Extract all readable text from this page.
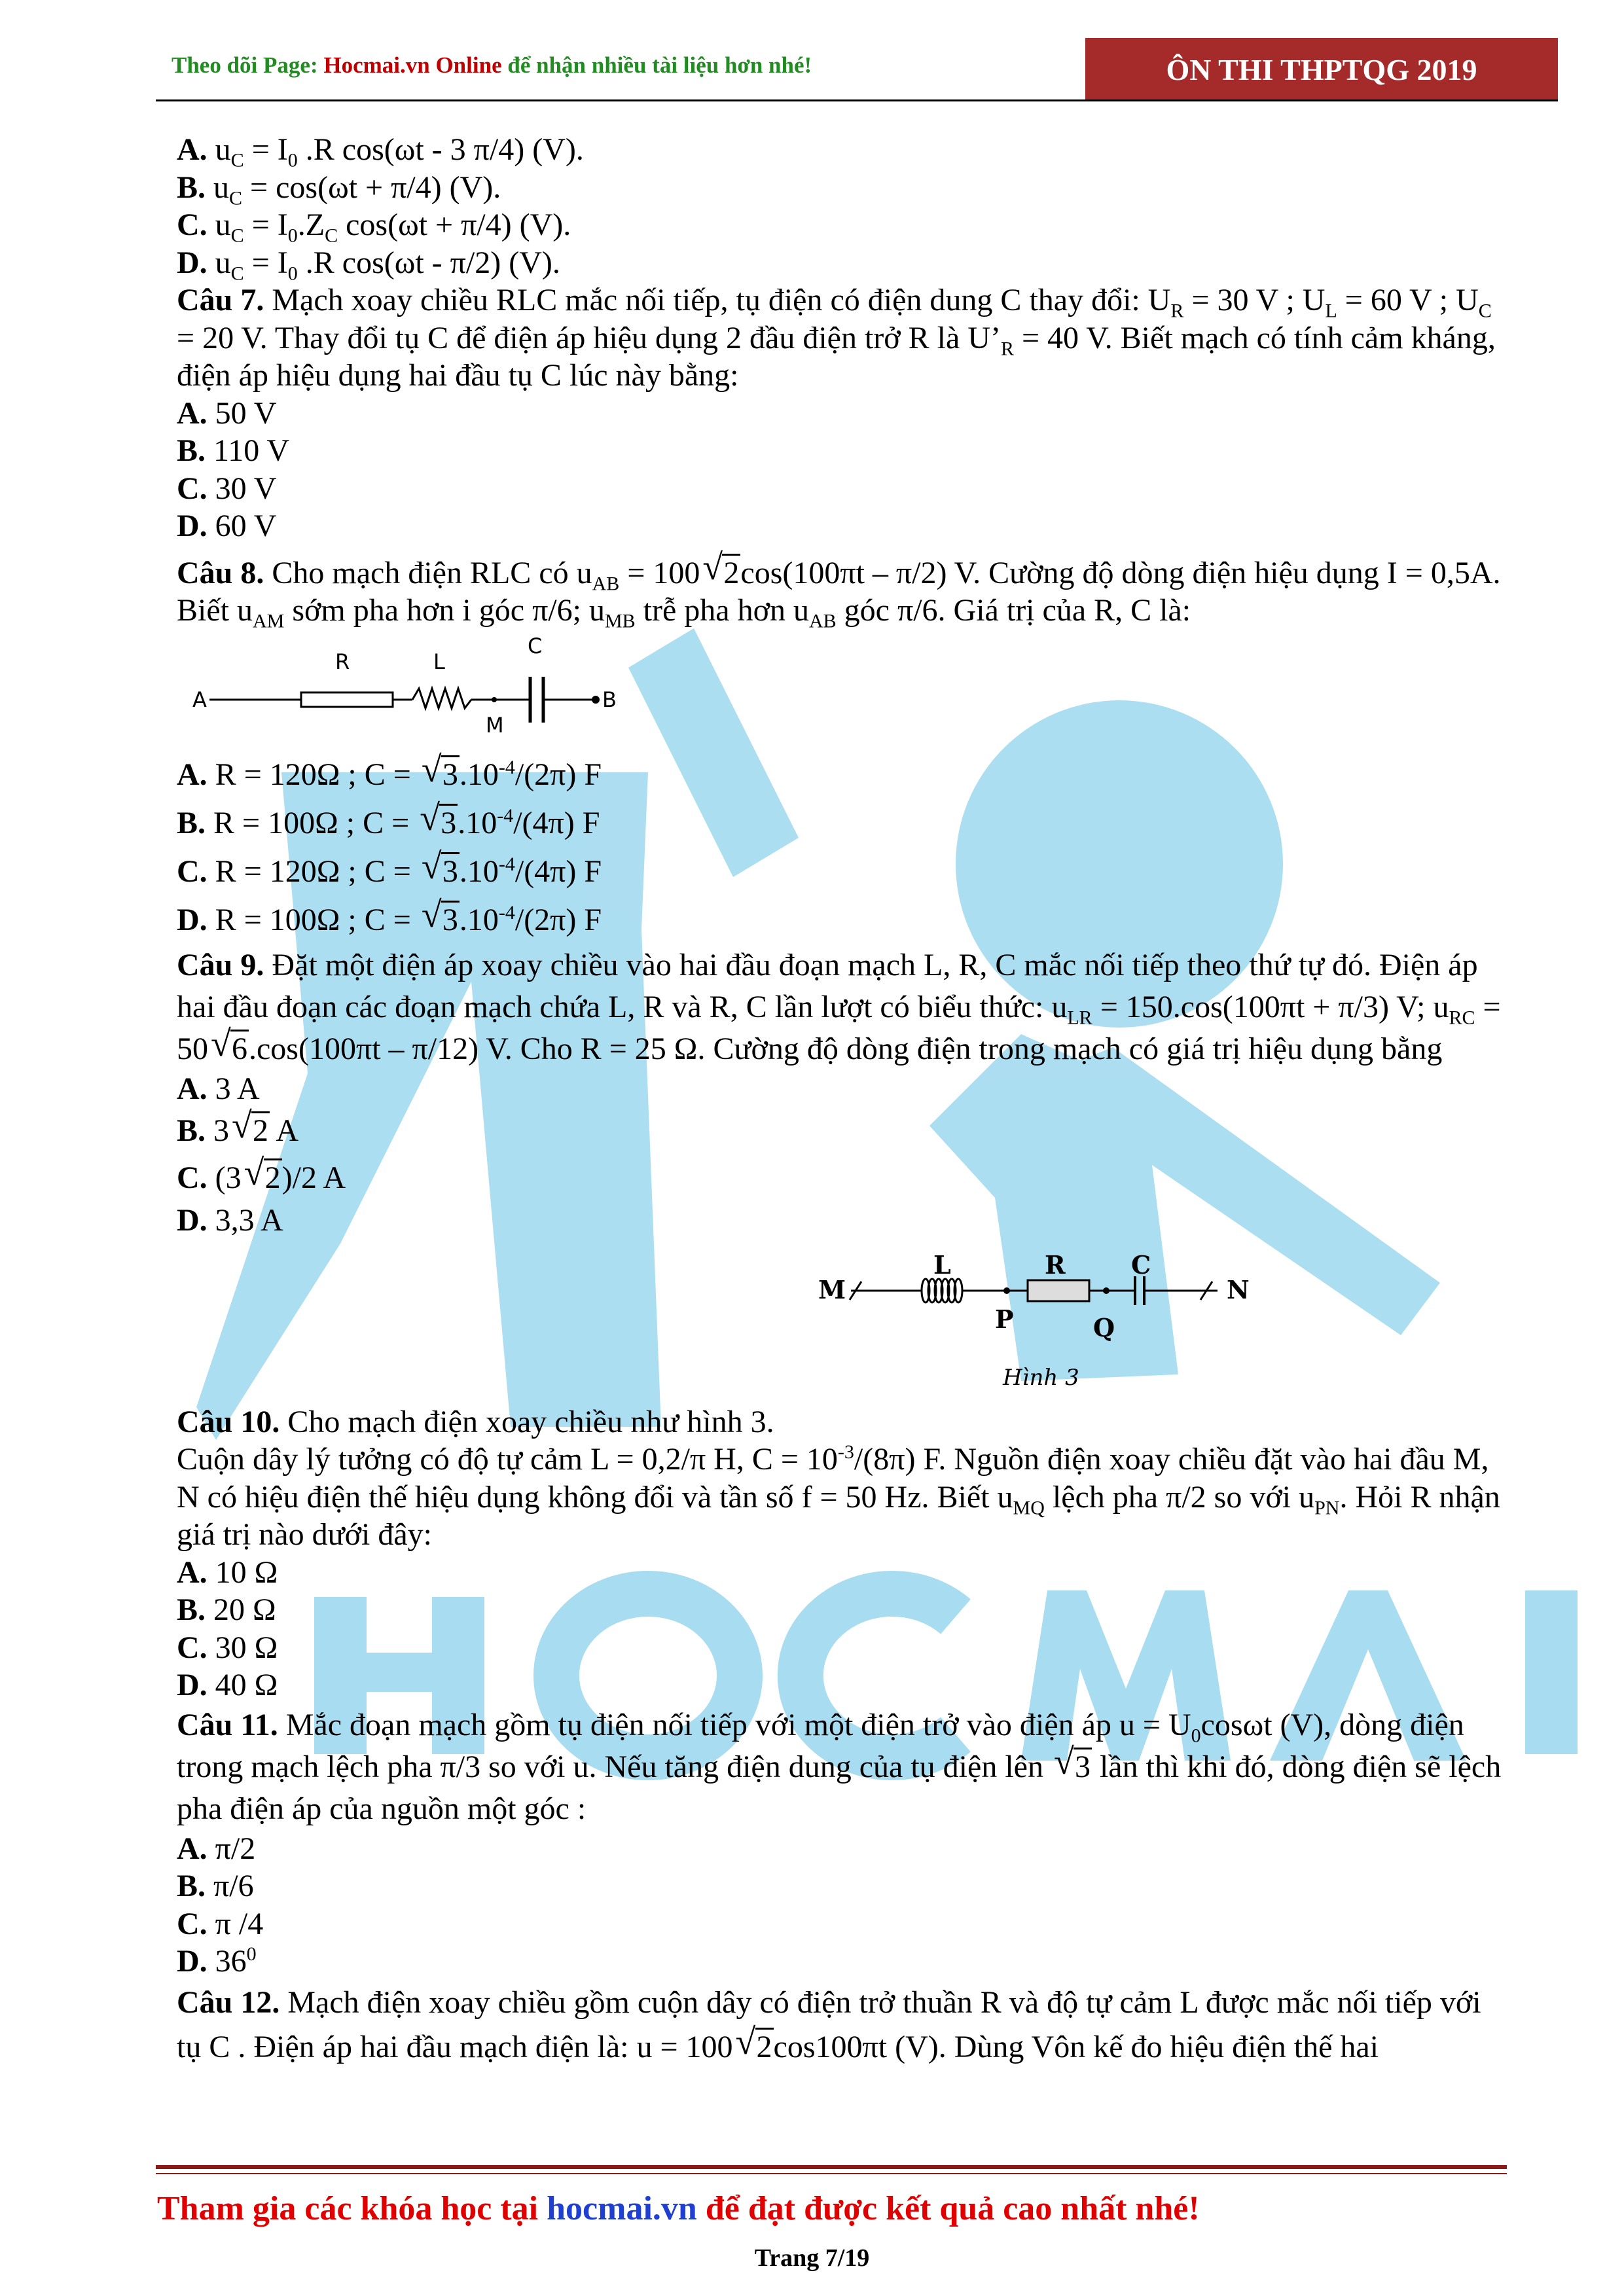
Theo dõi Page: Hocmai.vn Online để nhận nhiều tài liệu hơn nhé!	ÔN THI THPTQG 2019

A. $u_C = I_0$ .R cos(ωt - 3 π/4) (V).

B. $u_C = \cos(\omega t + \pi/4)$ (V).

C. $u_C = I_0.Z_C$ cos(ωt + π/4) (V).

D. $u_C = I_0$ .R cos(ωt - π/2) (V).

Câu 7. Mạch xoay chiều RLC mắc nối tiếp, tụ điện có điện dung C thay đổi: $U_R = 30$ V ; $U_L = 60$ V ; $U_C = 20$ V. Thay đổi tụ C để điện áp hiệu dụng 2 đầu điện trở R là $U’_R = 40$ V. Biết mạch có tính cảm kháng, điện áp hiệu dụng hai đầu tụ C lúc này bằng:

A. 50 V

B. 110 V

C. 30 V

D. 60 V

Câu 8. Cho mạch điện RLC có $u_{AB} = 100√$ 2cos(100πt – π/2) V. Cường độ dòng điện hiệu dụng I = 0,5A. Biết $u_{AM}$ sớm pha hơn i góc π/6; $u_{MB}$ trễ pha hơn $u_{AB}$ góc π/6. Giá trị của R, C là:

A
R	L
M
C
B

A. R = 120Ω ; C = √ $3.10^{-4}/(2\pi)$ F

B. R = 100Ω ; C = √ $3.10^{-4}/(4\pi)$ F

C. R = 120Ω ; C = √ $3.10^{-4}/(4\pi)$ F

D. R = 100Ω ; C = √ $3.10^{-4}/(2\pi)$ F

Câu 9. Đặt một điện áp xoay chiều vào hai đầu đoạn mạch L, R, C mắc nối tiếp theo thứ tự đó. Điện áp hai đầu đoạn các đoạn mạch chứa L, R và R, C lần lượt có biểu thức: $u_{LR} = 150.\cos(100\pi t + \pi/3)$ V; $u_{RC} = 50√$ 6.cos(100πt – π/12) V. Cho R = 25 Ω. Cường độ dòng điện trong mạch có giá trị hiệu dụng bằng

A. 3 A

B. 3√ 2 A

C. (3√ 2)/2 A

D. 3,3 A

M
L	R	C
N
P	Q
Hình 3

Câu 10. Cho mạch điện xoay chiều như hình 3.

Cuộn dây lý tưởng có độ tự cảm L = 0,2/π H, $C = 10^{-3}/(8\pi)$ F. Nguồn điện xoay chiều đặt vào hai đầu M, N có hiệu điện thế hiệu dụng không đổi và tần số f = 50 Hz. Biết $u_{MQ}$ lệch pha π/2 so với $u_{PN}$. Hỏi R nhận giá trị nào dưới đây:

A. 10 Ω

B. 20 Ω

C. 30 Ω

D. 40 Ω

Câu 11. Mắc đoạn mạch gồm tụ điện nối tiếp với một điện trở vào điện áp $u = U_0\cos\omega t$ (V), dòng điện trong mạch lệch pha π/3 so với u. Nếu tăng điện dung của tụ điện lên √ 3 lần thì khi đó, dòng điện sẽ lệch pha điện áp của nguồn một góc :

A. π/2

B. π/6

C. π /4

D. $36^0$

Câu 12. Mạch điện xoay chiều gồm cuộn dây có điện trở thuần R và độ tự cảm L được mắc nối tiếp với tụ C . Điện áp hai đầu mạch điện là: u = 100√ 2cos100πt (V). Dùng Vôn kế đo hiệu điện thế hai

Tham gia các khóa học tại hocmai.vn để đạt được kết quả cao nhất nhé!
Trang 7/19
